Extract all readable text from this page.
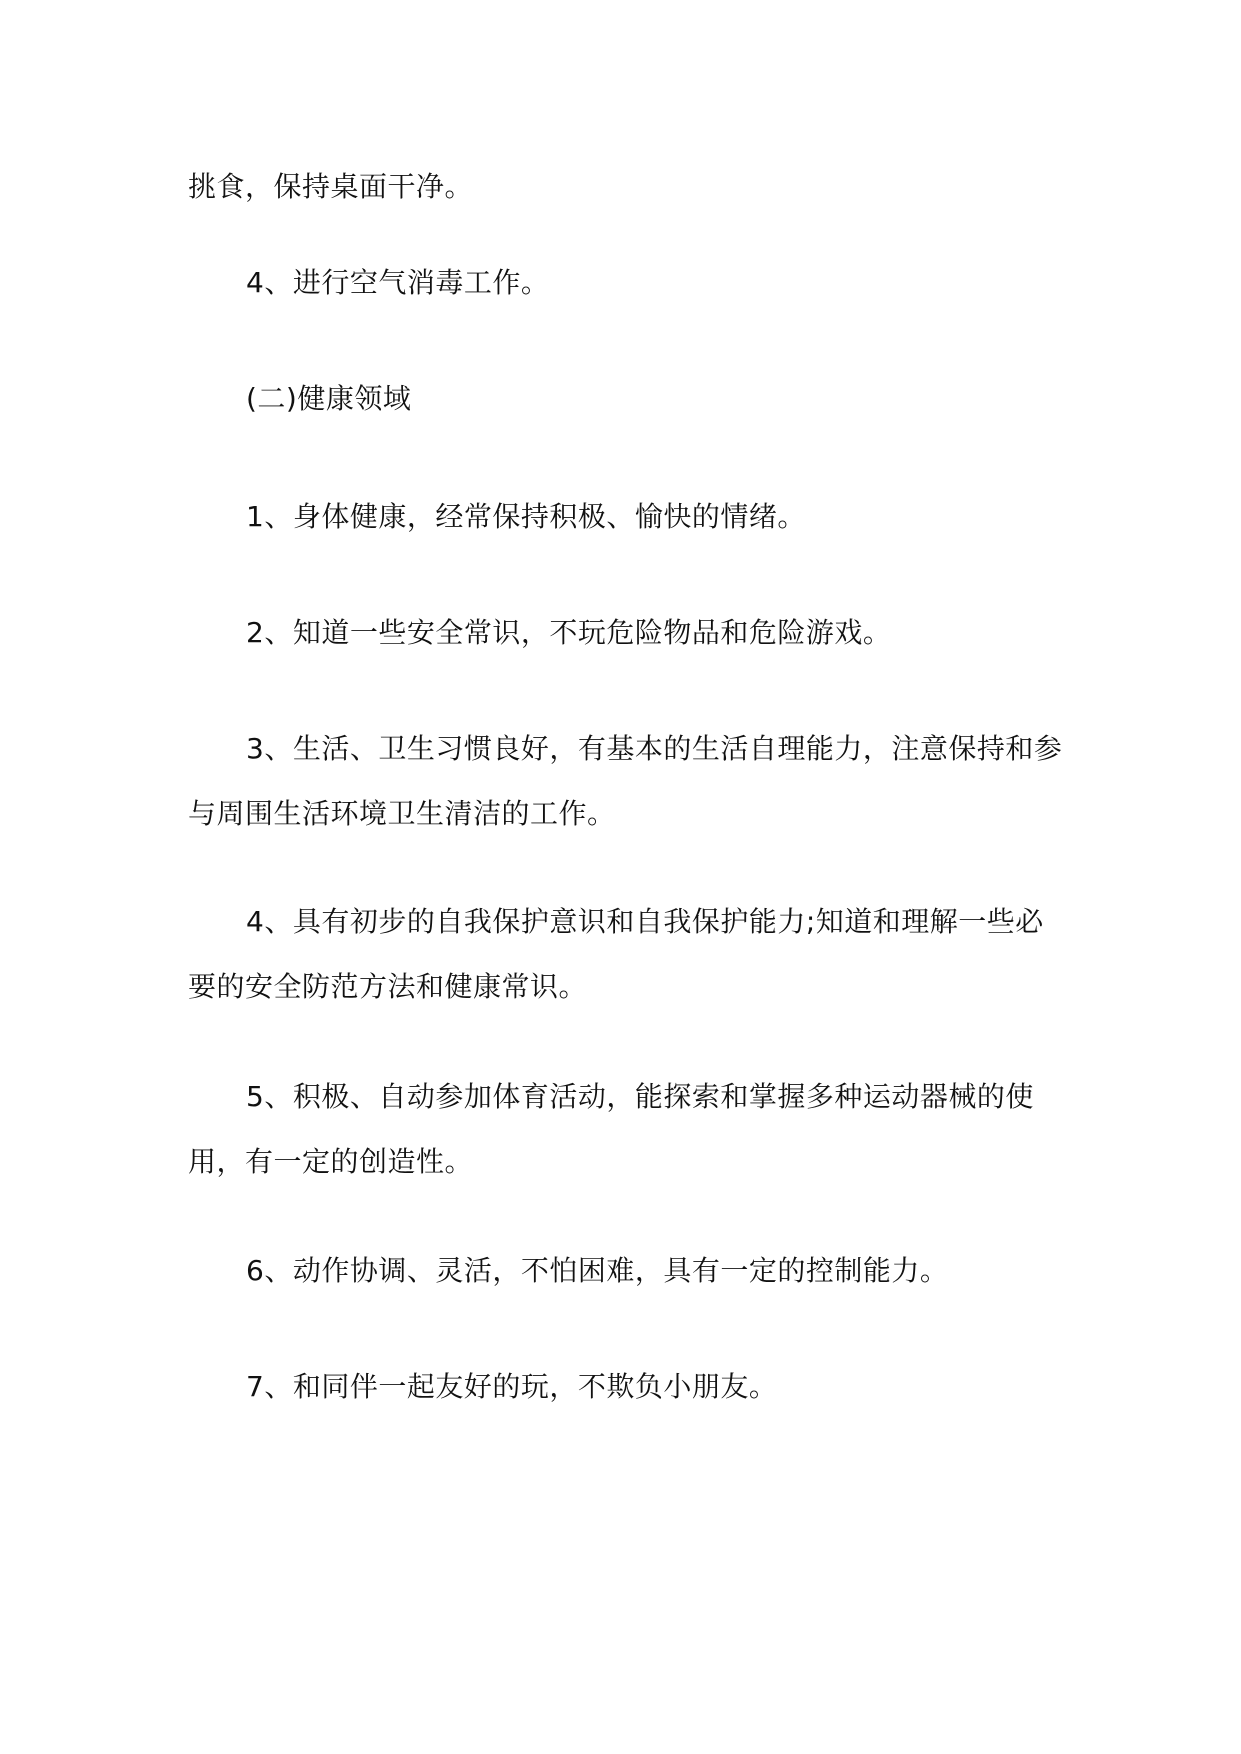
挑食，保持桌面干净。

4、进行空气消毒工作。

(二)健康领域

1、身体健康，经常保持积极、愉快的情绪。

2、知道一些安全常识，不玩危险物品和危险游戏。

3、生活、卫生习惯良好，有基本的生活自理能力，注意保持和参与周围生活环境卫生清洁的工作。

4、具有初步的自我保护意识和自我保护能力;知道和理解一些必要的安全防范方法和健康常识。

5、积极、自动参加体育活动，能探索和掌握多种运动器械的使用，有一定的创造性。

6、动作协调、灵活，不怕困难，具有一定的控制能力。

7、和同伴一起友好的玩，不欺负小朋友。
